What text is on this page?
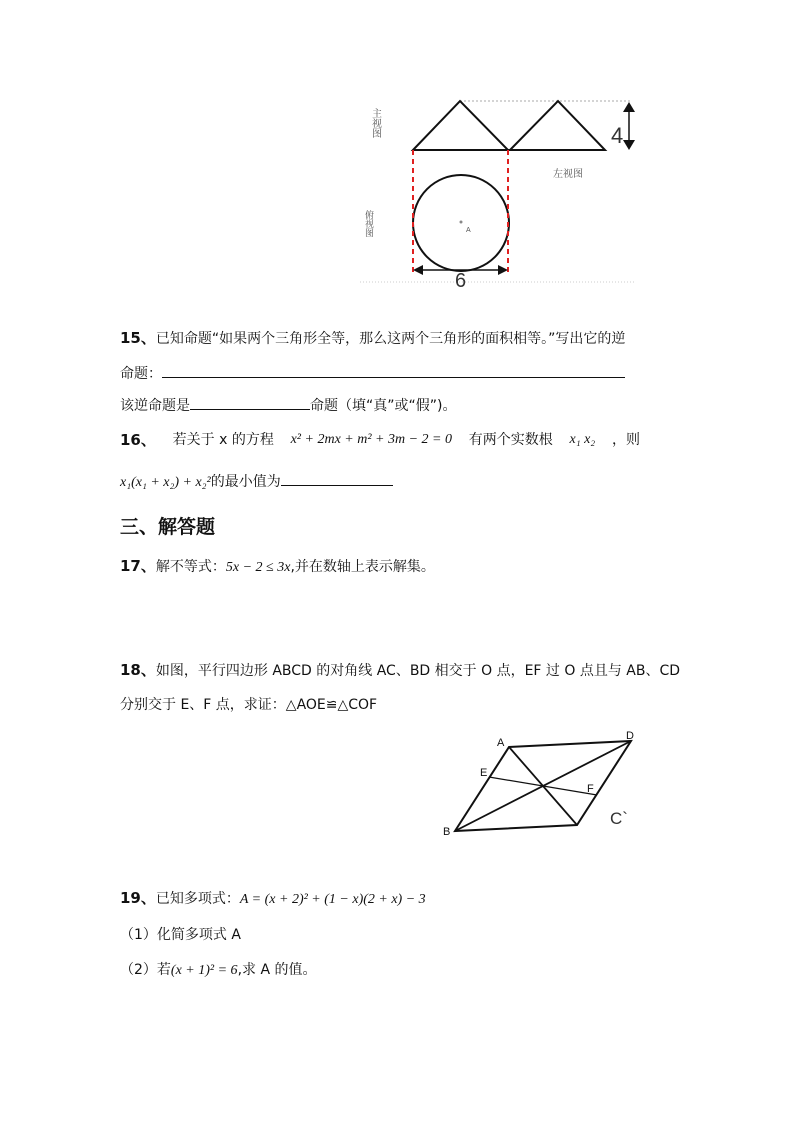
4
A
6
主视图
左视图
俯视图
15、已知命题“如果两个三角形全等，那么这两个三角形的面积相等。”写出它的逆
命题：
该逆命题是	命题（填“真”或“假”)。
16、 若关于 x 的方程 x² + 2mx + m² + 3m − 2 = 0 有两个实数根 x₁ x₂ ，则
x₁(x₁ + x₂) + x₂²的最小值为
三、解答题
17、解不等式：5x − 2 ≤ 3x,并在数轴上表示解集。
18、如图，平行四边形 ABCD 的对角线 AC、BD 相交于 O 点，EF 过 O 点且与 AB、CD
分别交于 E、F 点，求证：△AOE≌△COF
A
D
E
F
B
C`
19、已知多项式：A = (x + 2)² + (1 − x)(2 + x) − 3
（1）化简多项式 A
（2）若(x + 1)² = 6,求 A 的值。
